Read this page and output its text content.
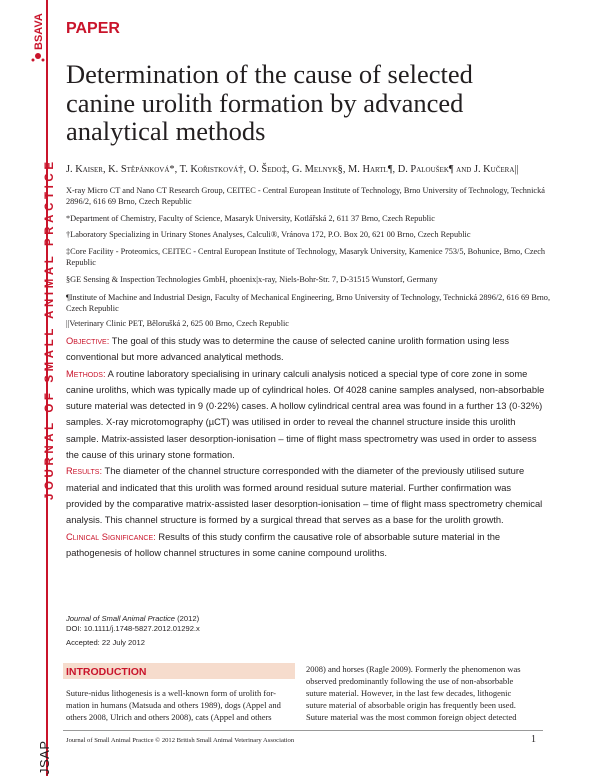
JOURNAL OF SMALL ANIMAL PRACTICE
JSAP
BSAVA PAPER
Determination of the cause of selected
canine urolith formation by advanced
analytical methods

J. Kaiser, K. Stěpánková*, T. Kořistková†, O. Šedo‡, G. Melnyk§, M. Hartl¶, D. Paloušek¶ and J. Kučera||

X-ray Micro CT and Nano CT Research Group, CEITEC - Central European Institute of Technology, Brno University of Technology, Technická 2896/2, 616 69 Brno, Czech Republic

*Department of Chemistry, Faculty of Science, Masaryk University, Kotlářská 2, 611 37 Brno, Czech Republic

†Laboratory Specializing in Urinary Stones Analyses, Calculi®, Vránova 172, P.O. Box 20, 621 00 Brno, Czech Republic

‡Core Facility - Proteomics, CEITEC - Central European Institute of Technology, Masaryk University, Kamenice 753/5, Bohunice, Brno, Czech Republic

§GE Sensing & Inspection Technologies GmbH, phoenix|x-ray, Niels-Bohr-Str. 7, D-31515 Wunstorf, Germany

¶Institute of Machine and Industrial Design, Faculty of Mechanical Engineering, Brno University of Technology, Technická 2896/2, 616 69 Brno, Czech Republic

||Veterinary Clinic PET, Bělorušká 2, 625 00 Brno, Czech Republic

Objective: The goal of this study was to determine the cause of selected canine urolith formation using less conventional but more advanced analytical methods.
Methods: A routine laboratory specialising in urinary calculi analysis noticed a special type of core zone in some canine uroliths, which was typically made up of cylindrical holes. Of 4028 canine samples analysed, non-absorbable suture material was detected in 9 (0·22%) cases. A hollow cylindrical central area was found in a further 13 (0·32%) samples. X-ray microtomography (µCT) was utilised in order to reveal the channel structure inside this urolith sample. Matrix-assisted laser desorption-ionisation – time of flight mass spectrometry was used in order to assess the cause of this urinary stone formation.
Results: The diameter of the channel structure corresponded with the diameter of the previously utilised suture material and indicated that this urolith was formed around residual suture material. Further confirmation was provided by the comparative matrix-assisted laser desorption-ionisation – time of flight mass spectrometry chemical analysis. This channel structure is formed by a surgical thread that serves as a base for the urolith growth.
Clinical Significance: Results of this study confirm the causative role of absorbable suture material in the pathogenesis of hollow channel structures in some canine compound uroliths.

Journal of Small Animal Practice (2012)

DOI: 10.1111/j.1748-5827.2012.01292.x

Accepted: 22 July 2012

INTRODUCTION
Suture-nidus lithogenesis is a well-known form of urolith for-
mation in humans (Matsuda and others 1989), dogs (Appel and
others 2008, Ulrich and others 2008), cats (Appel and others
2008) and horses (Ragle 2009). Formerly the phenomenon was
observed predominantly following the use of non-absorbable
suture material. However, in the last few decades, lithogenic
suture material of absorbable origin has frequently been used.
Suture material was the most common foreign object detected

Journal of Small Animal Practice © 2012 British Small Animal Veterinary Association	1
